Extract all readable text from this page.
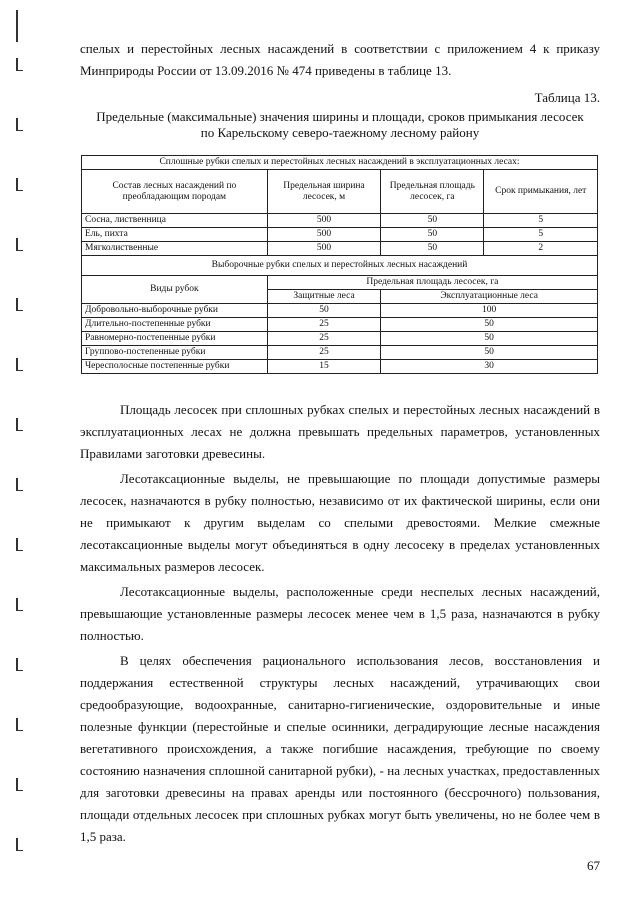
спелых и перестойных лесных насаждений в соответствии с приложением 4 к приказу Минприроды России от 13.09.2016 № 474 приведены в таблице 13.

Таблица 13.
Предельные (максимальные) значения ширины и площади, сроков примыкания лесосек
по Карельскому северо-таежному лесному району
Сплошные рубки спелых и перестойных лесных насаждений в эксплуатационных лесах:			
Состав лесных насаждений по преобладающим породам	Предельная ширина лесосек, м	Предельная площадь лесосек, га	Срок примыкания, лет
Сосна, лиственница	500	50	5
Ель, пихта	500	50	5
Мягколиственные	500	50	2
Выборочные рубки спелых и перестойных лесных насаждений			
Виды рубок	Предельная площадь лесосек, га		
	Защитные леса	Эксплуатационные леса	
Добровольно-выборочные рубки	50	100	
Длительно-постепенные рубки	25	50	
Равномерно-постепенные рубки	25	50	
Группово-постепенные рубки	25	50	
Чересполосные постепенные рубки	15	30	

Площадь лесосек при сплошных рубках спелых и перестойных лесных насаждений в эксплуатационных лесах не должна превышать предельных параметров, установленных Правилами заготовки древесины.

Лесотаксационные выделы, не превышающие по площади допустимые размеры лесосек, назначаются в рубку полностью, независимо от их фактической ширины, если они не примыкают к другим выделам со спелыми древостоями. Мелкие смежные лесотаксационные выделы могут объединяться в одну лесосеку в пределах установленных максимальных размеров лесосек.

Лесотаксационные выделы, расположенные среди неспелых лесных насаждений, превышающие установленные размеры лесосек менее чем в 1,5 раза, назначаются в рубку полностью.

В целях обеспечения рационального использования лесов, восстановления и поддержания естественной структуры лесных насаждений, утрачивающих свои средообразующие, водоохранные, санитарно-гигиенические, оздоровительные и иные полезные функции (перестойные и спелые осинники, деградирующие лесные насаждения вегетативного происхождения, а также погибшие насаждения, требующие по своему состоянию назначения сплошной санитарной рубки), - на лесных участках, предоставленных для заготовки древесины на правах аренды или постоянного (бессрочного) пользования, площади отдельных лесосек при сплошных рубках могут быть увеличены, но не более чем в 1,5 раза.

67
